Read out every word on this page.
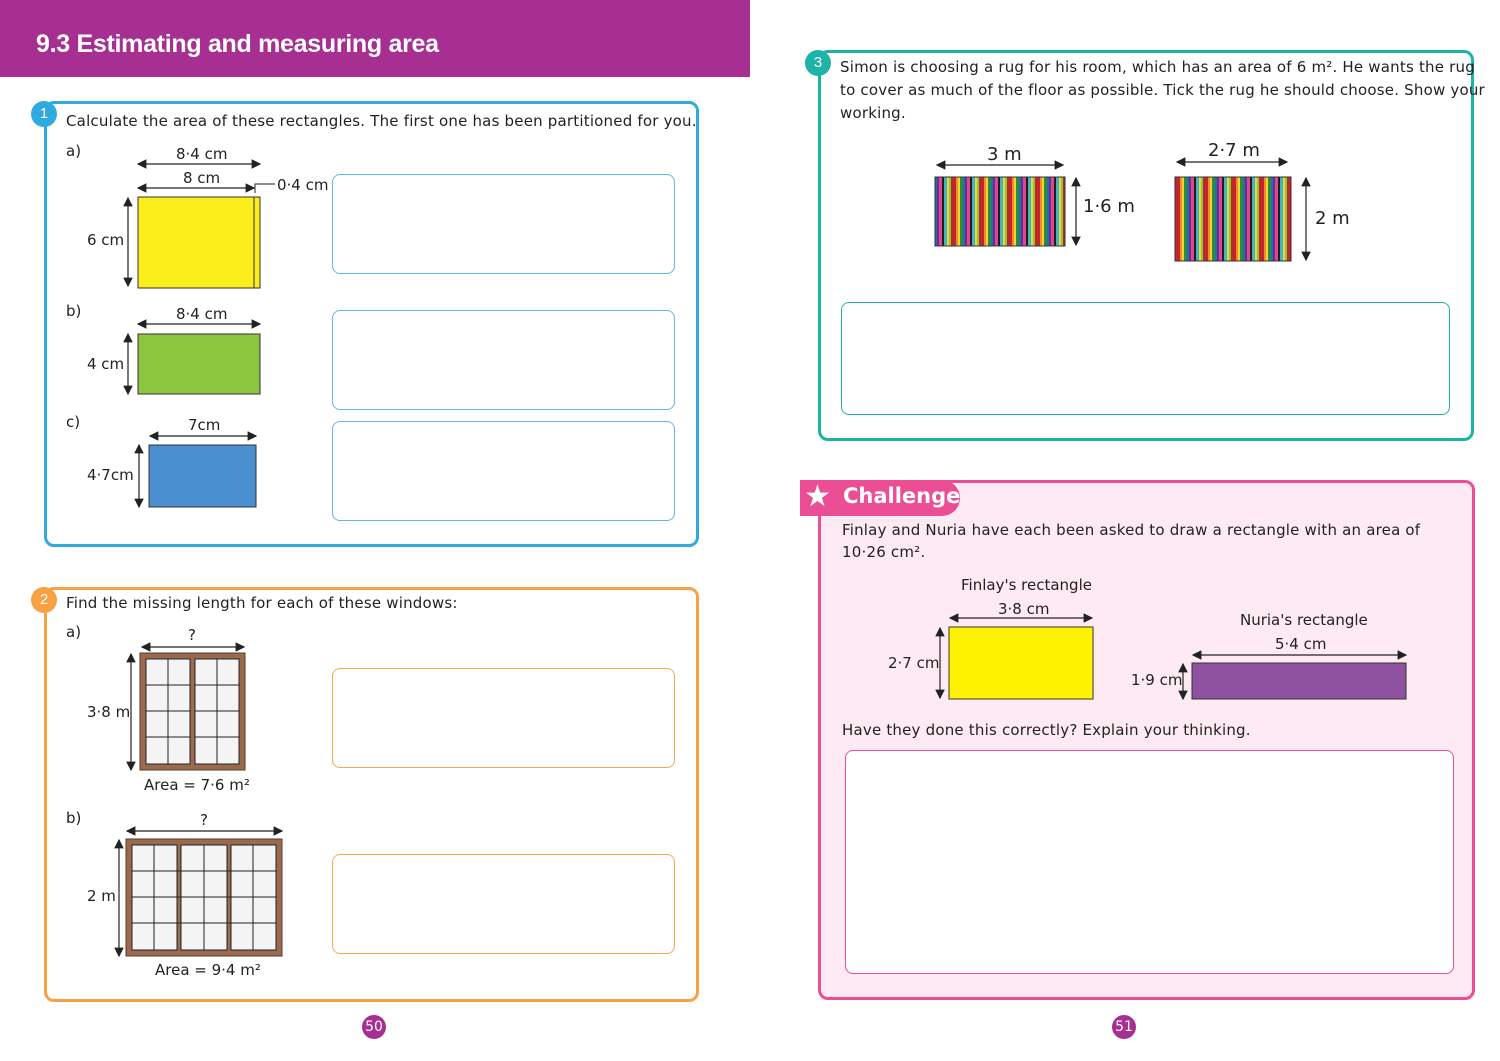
9.3 Estimating and measuring area
1	Calculate the area of these rectangles. The first one has been partitioned for you.
a)	8·4 cm
8 cm	0·4 cm
6 cm
b)	8·4 cm
4 cm
c)	7cm
4·7cm
2	Find the missing length for each of these windows:
a)	?
3·8 m
Area = 7·6 m²
b)	?
2 m
Area = 9·4 m²
50
3	Simon is choosing a rug for his room, which has an area of 6 m². He wants the rug
to cover as much of the floor as possible. Tick the rug he should choose. Show your
working.
3 m
1·6 m
2·7 m
2 m
★ Challenge
Finlay and Nuria have each been asked to draw a rectangle with an area of
10·26 cm².
Finlay's rectangle
3·8 cm
2·7 cm
Nuria's rectangle
5·4 cm
1·9 cm
Have they done this correctly? Explain your thinking.
51
